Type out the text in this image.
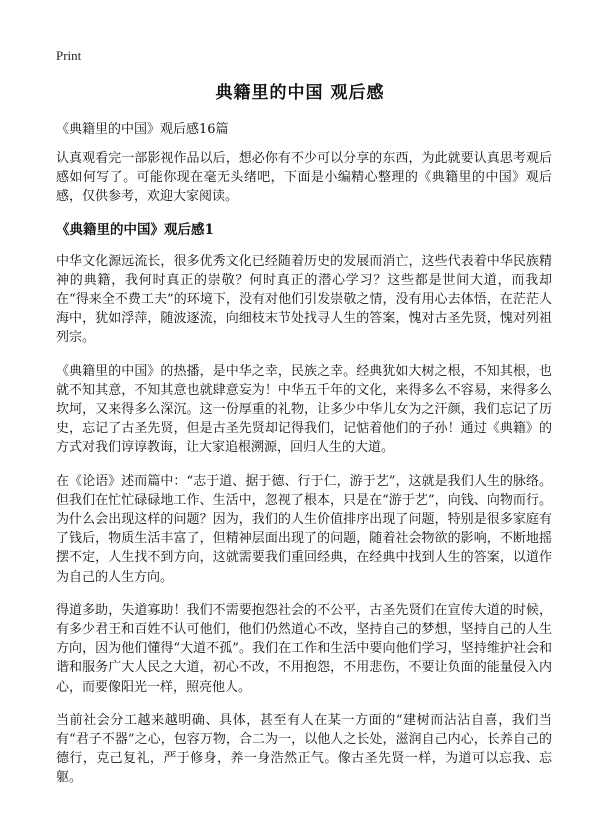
Print
典籍里的中国 观后感
《典籍里的中国》观后感16篇

认真观看完一部影视作品以后，想必你有不少可以分享的东西，为此就要认真思考观后感如何写了。可能你现在毫无头绪吧，下面是小编精心整理的《典籍里的中国》观后感，仅供参考，欢迎大家阅读。

《典籍里的中国》观后感1

中华文化源远流长，很多优秀文化已经随着历史的发展而消亡，这些代表着中华民族精神的典籍，我何时真正的崇敬？何时真正的潜心学习？这些都是世间大道，而我却在“得来全不费工夫”的环境下，没有对他们引发崇敬之情，没有用心去体悟，在茫茫人海中，犹如浮萍，随波逐流，向细枝末节处找寻人生的答案，愧对古圣先贤，愧对列祖列宗。

《典籍里的中国》的热播，是中华之幸，民族之幸。经典犹如大树之根，不知其根，也就不知其意，不知其意也就肆意妄为！中华五千年的文化，来得多么不容易，来得多么坎坷，又来得多么深沉。这一份厚重的礼物，让多少中华儿女为之汗颜，我们忘记了历史，忘记了古圣先贤，但是古圣先贤却记得我们，记惦着他们的子孙！通过《典籍》的方式对我们谆谆教诲，让大家追根溯源，回归人生的大道。

在《论语》述而篇中：“志于道、据于德、行于仁，游于艺”，这就是我们人生的脉络。但我们在忙忙碌碌地工作、生活中，忽视了根本，只是在“游于艺”，向钱、向物而行。为什么会出现这样的问题？因为，我们的人生价值排序出现了问题，特别是很多家庭有了钱后，物质生活丰富了，但精神层面出现了的问题，随着社会物欲的影响，不断地摇摆不定，人生找不到方向，这就需要我们重回经典，在经典中找到人生的答案，以道作为自己的人生方向。

得道多助，失道寡助！我们不需要抱怨社会的不公平，古圣先贤们在宣传大道的时候，有多少君王和百姓不认可他们，他们仍然道心不改，坚持自己的梦想，坚持自己的人生方向，因为他们懂得“大道不孤”。我们在工作和生活中要向他们学习，坚持维护社会和谐和服务广大人民之大道，初心不改，不用抱怨，不用悲伤，不要让负面的能量侵入内心，而要像阳光一样，照亮他人。

当前社会分工越来越明确、具体，甚至有人在某一方面的“建树而沾沾自喜，我们当有“君子不器”之心，包容万物，合二为一，以他人之长处，滋润自己内心，长养自己的德行，克己复礼，严于修身，养一身浩然正气。像古圣先贤一样，为道可以忘我、忘躯。
